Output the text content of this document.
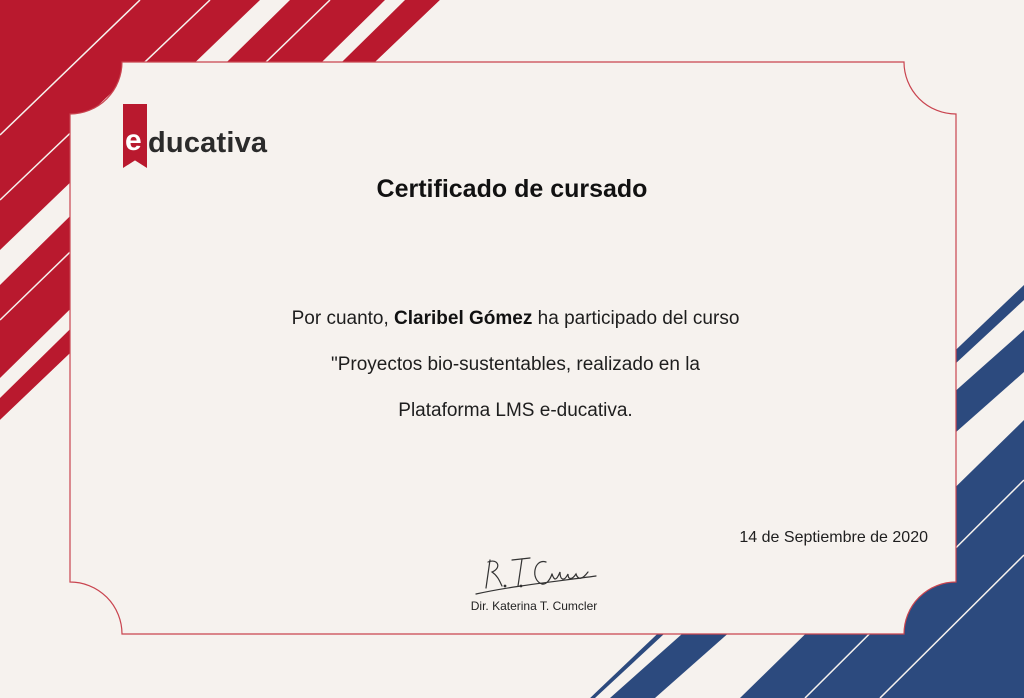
e ducativa
Certificado de cursado
Por cuanto, Claribel Gómez ha participado del curso
"Proyectos bio-sustentables, realizado en la
Plataforma LMS e-ducativa.
14 de Septiembre de 2020
Dir. Katerina T. Cumcler
